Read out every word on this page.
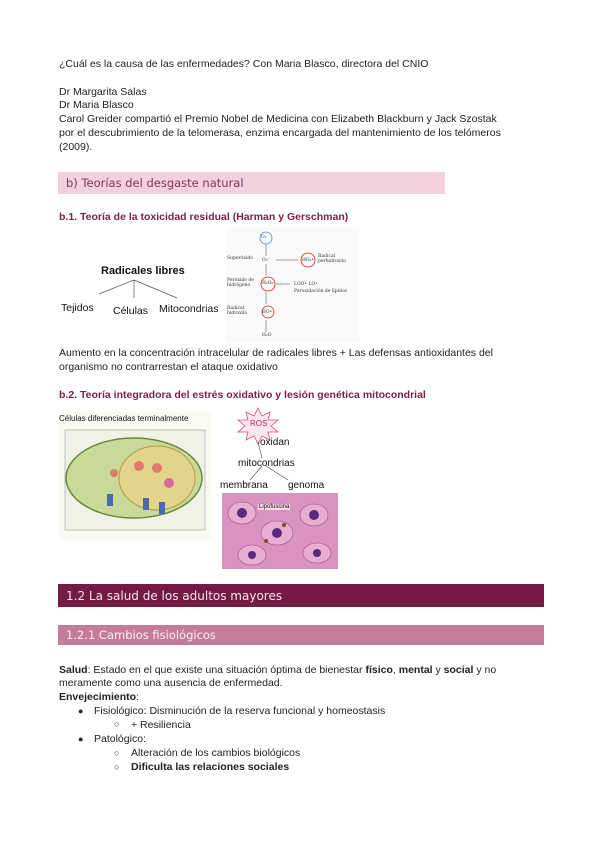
¿Cuál es la causa de las enfermedades? Con Maria Blasco, directora del CNIO
Dr Margarita Salas
Dr Maria Blasco
Carol Greider compartió el Premio Nobel de Medicina con Elizabeth Blackburn y Jack Szostak
por el descubrimiento de la telomerasa, enzima encargada del mantenimiento de los telómeros
(2009).
b) Teorías del desgaste natural
b.1. Teoría de la toxicidad residual (Harman y Gerschman)
Radicales libres
Tejidos Células Mitocondrias
O₂
Superóxido O₂⁻
Peróxido de hidrógeno	H₂O₂
Radical hidroxilo	HO•
Radical perhidroxilo
HO₂•
LOO• LO•
Peroxidación de lípidos
H₂O
Aumento en la concentración intracelular de radicales libres + Las defensas antioxidantes del
organismo no contrarrestan el ataque oxidativo
b.2. Teoría integradora del estrés oxidativo y lesión genética mitocondrial
Células diferenciadas terminalmente
ROS
oxidan
mitocondrias
membrana genoma
Lipofuscina
1.2 La salud de los adultos mayores
1.2.1 Cambios fisiológicos
Salud: Estado en el que existe una situación óptima de bienestar físico, mental y social y no
meramente como una ausencia de enfermedad.
Envejecimiento:
● Fisiológico: Disminución de la reserva funcional y homeostasis
○ + Resiliencia
● Patológico:
○ Alteración de los cambios biológicos
○ Dificulta las relaciones sociales
